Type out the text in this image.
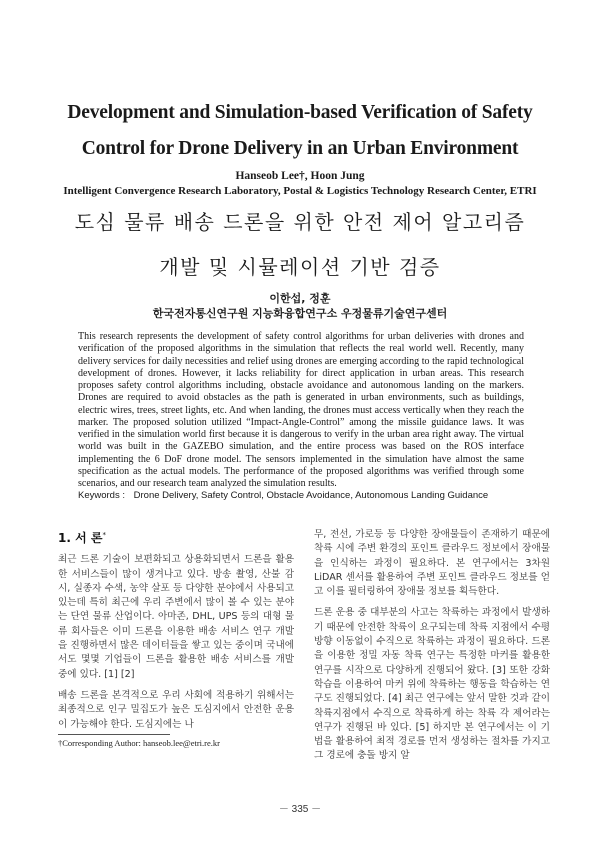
Development and Simulation-based Verification of Safety
Control for Drone Delivery in an Urban Environment
Hanseob Lee†, Hoon Jung
Intelligent Convergence Research Laboratory, Postal & Logistics Technology Research Center, ETRI
도심 물류 배송 드론을 위한 안전 제어 알고리즘
개발 및 시뮬레이션 기반 검증
이한섭, 정훈
한국전자통신연구원 지능화융합연구소 우정물류기술연구센터

This research represents the development of safety control algorithms for urban deliveries with drones and verification of the proposed algorithms in the simulation that reflects the real world well. Recently, many delivery services for daily necessities and relief using drones are emerging according to the rapid technological development of drones. However, it lacks reliability for direct application in urban areas. This research proposes safety control algorithms including, obstacle avoidance and autonomous landing on the markers. Drones are required to avoid obstacles as the path is generated in urban environments, such as buildings, electric wires, trees, street lights, etc. And when landing, the drones must access vertically when they reach the marker. The proposed solution utilized “Impact-Angle-Control” among the missile guidance laws. It was verified in the simulation world first because it is dangerous to verify in the urban area right away. The virtual world was built in the GAZEBO simulation, and the entire process was based on the ROS interface implementing the 6 DoF drone model. The sensors implemented in the simulation have almost the same specification as the actual models. The performance of the proposed algorithms was verified through some scenarios, and our research team analyzed the simulation results.

Keywords : Drone Delivery, Safety Control, Obstacle Avoidance, Autonomous Landing Guidance
1. 서 론*

최근 드론 기술이 보편화되고 상용화되면서 드론을 활용한 서비스들이 많이 생겨나고 있다. 방송 촬영, 산불 감시, 실종자 수색, 농약 살포 등 다양한 분야에서 사용되고 있는데 특히 최근에 우리 주변에서 많이 볼 수 있는 분야는 단연 물류 산업이다. 아마존, DHL, UPS 등의 대형 물류 회사들은 이미 드론을 이용한 배송 서비스 연구 개발을 진행하면서 많은 데이터들을 쌓고 있는 중이며 국내에서도 몇몇 기업들이 드론을 활용한 배송 서비스를 개발 중에 있다. [1] [2]

배송 드론을 본격적으로 우리 사회에 적용하기 위해서는 최종적으로 인구 밀집도가 높은 도심지에서 안전한 운용이 가능해야 한다. 도심지에는 나

무, 전선, 가로등 등 다양한 장애물들이 존재하기 때문에 착륙 시에 주변 환경의 포인트 클라우드 정보에서 장애물을 인식하는 과정이 필요하다. 본 연구에서는 3차원 LiDAR 센서를 활용하여 주변 포인트 클라우드 정보를 얻고 이를 필터링하여 장애물 정보를 획득한다.

드론 운용 중 대부분의 사고는 착륙하는 과정에서 발생하기 때문에 안전한 착륙이 요구되는데 착륙 지점에서 수평방향 이동없이 수직으로 착륙하는 과정이 필요하다. 드론을 이용한 정밀 자동 착륙 연구는 특정한 마커를 활용한 연구를 시작으로 다양하게 진행되어 왔다. [3] 또한 강화학습을 이용하여 마커 위에 착륙하는 행동을 학습하는 연구도 진행되었다. [4] 최근 연구에는 앞서 말한 것과 같이 착륙지점에서 수직으로 착륙하게 하는 착륙 각 제어라는 연구가 진행된 바 있다. [5] 하지만 본 연구에서는 이 기법을 활용하여 최적 경로를 먼저 생성하는 절차를 가지고 그 경로에 충돌 방지 알

†Corresponding Author: hanseob.lee@etri.re.kr
－ 335 －
